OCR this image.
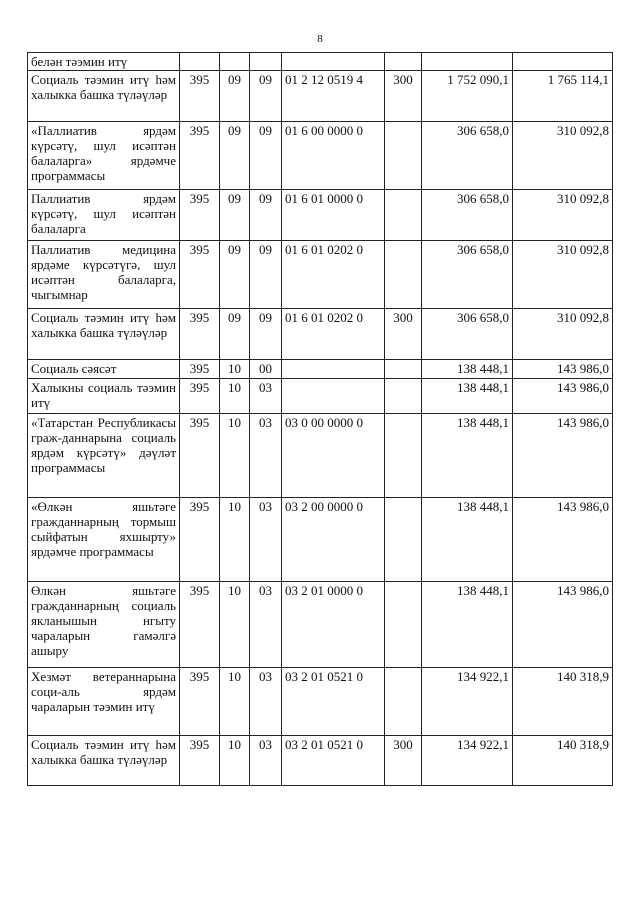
8
белән тәэмин итү							
Социаль тәэмин итү һәм халыкка башка түләүләр	395	09	09	01 2 12 0519 4	300	1 752 090,1	1 765 114,1
«Паллиатив ярдәм күрсәтү, шул исәптән балаларга» ярдәмче программасы	395	09	09	01 6 00 0000 0		306 658,0	310 092,8
Паллиатив ярдәм күрсәтү, шул исәптән балаларга	395	09	09	01 6 01 0000 0		306 658,0	310 092,8
Паллиатив медицина ярдәме күрсәтүгә, шул исәптән балаларга, чыгымнар	395	09	09	01 6 01 0202 0		306 658,0	310 092,8
Социаль тәэмин итү һәм халыкка башка түләүләр	395	09	09	01 6 01 0202 0	300	306 658,0	310 092,8
Социаль сәясәт	395	10	00			138 448,1	143 986,0
Халыкны социаль тәэмин итү	395	10	03			138 448,1	143 986,0
«Татарстан Республикасы граж-даннарына социаль ярдәм күрсәтү» дәүләт программасы	395	10	03	03 0 00 0000 0		138 448,1	143 986,0
«Өлкән яшьтәге гражданнарның тормыш сыйфатын яхшырту» ярдәмче программасы	395	10	03	03 2 00 0000 0		138 448,1	143 986,0
Өлкән яшьтәге гражданнарның социаль якланышын нгыту чараларын гамәлгә ашыру	395	10	03	03 2 01 0000 0		138 448,1	143 986,0
Хезмәт ветераннарына соци-аль ярдәм чараларын тәэмин итү	395	10	03	03 2 01 0521 0		134 922,1	140 318,9
Социаль тәэмин итү һәм халыкка башка түләүләр	395	10	03	03 2 01 0521 0	300	134 922,1	140 318,9
